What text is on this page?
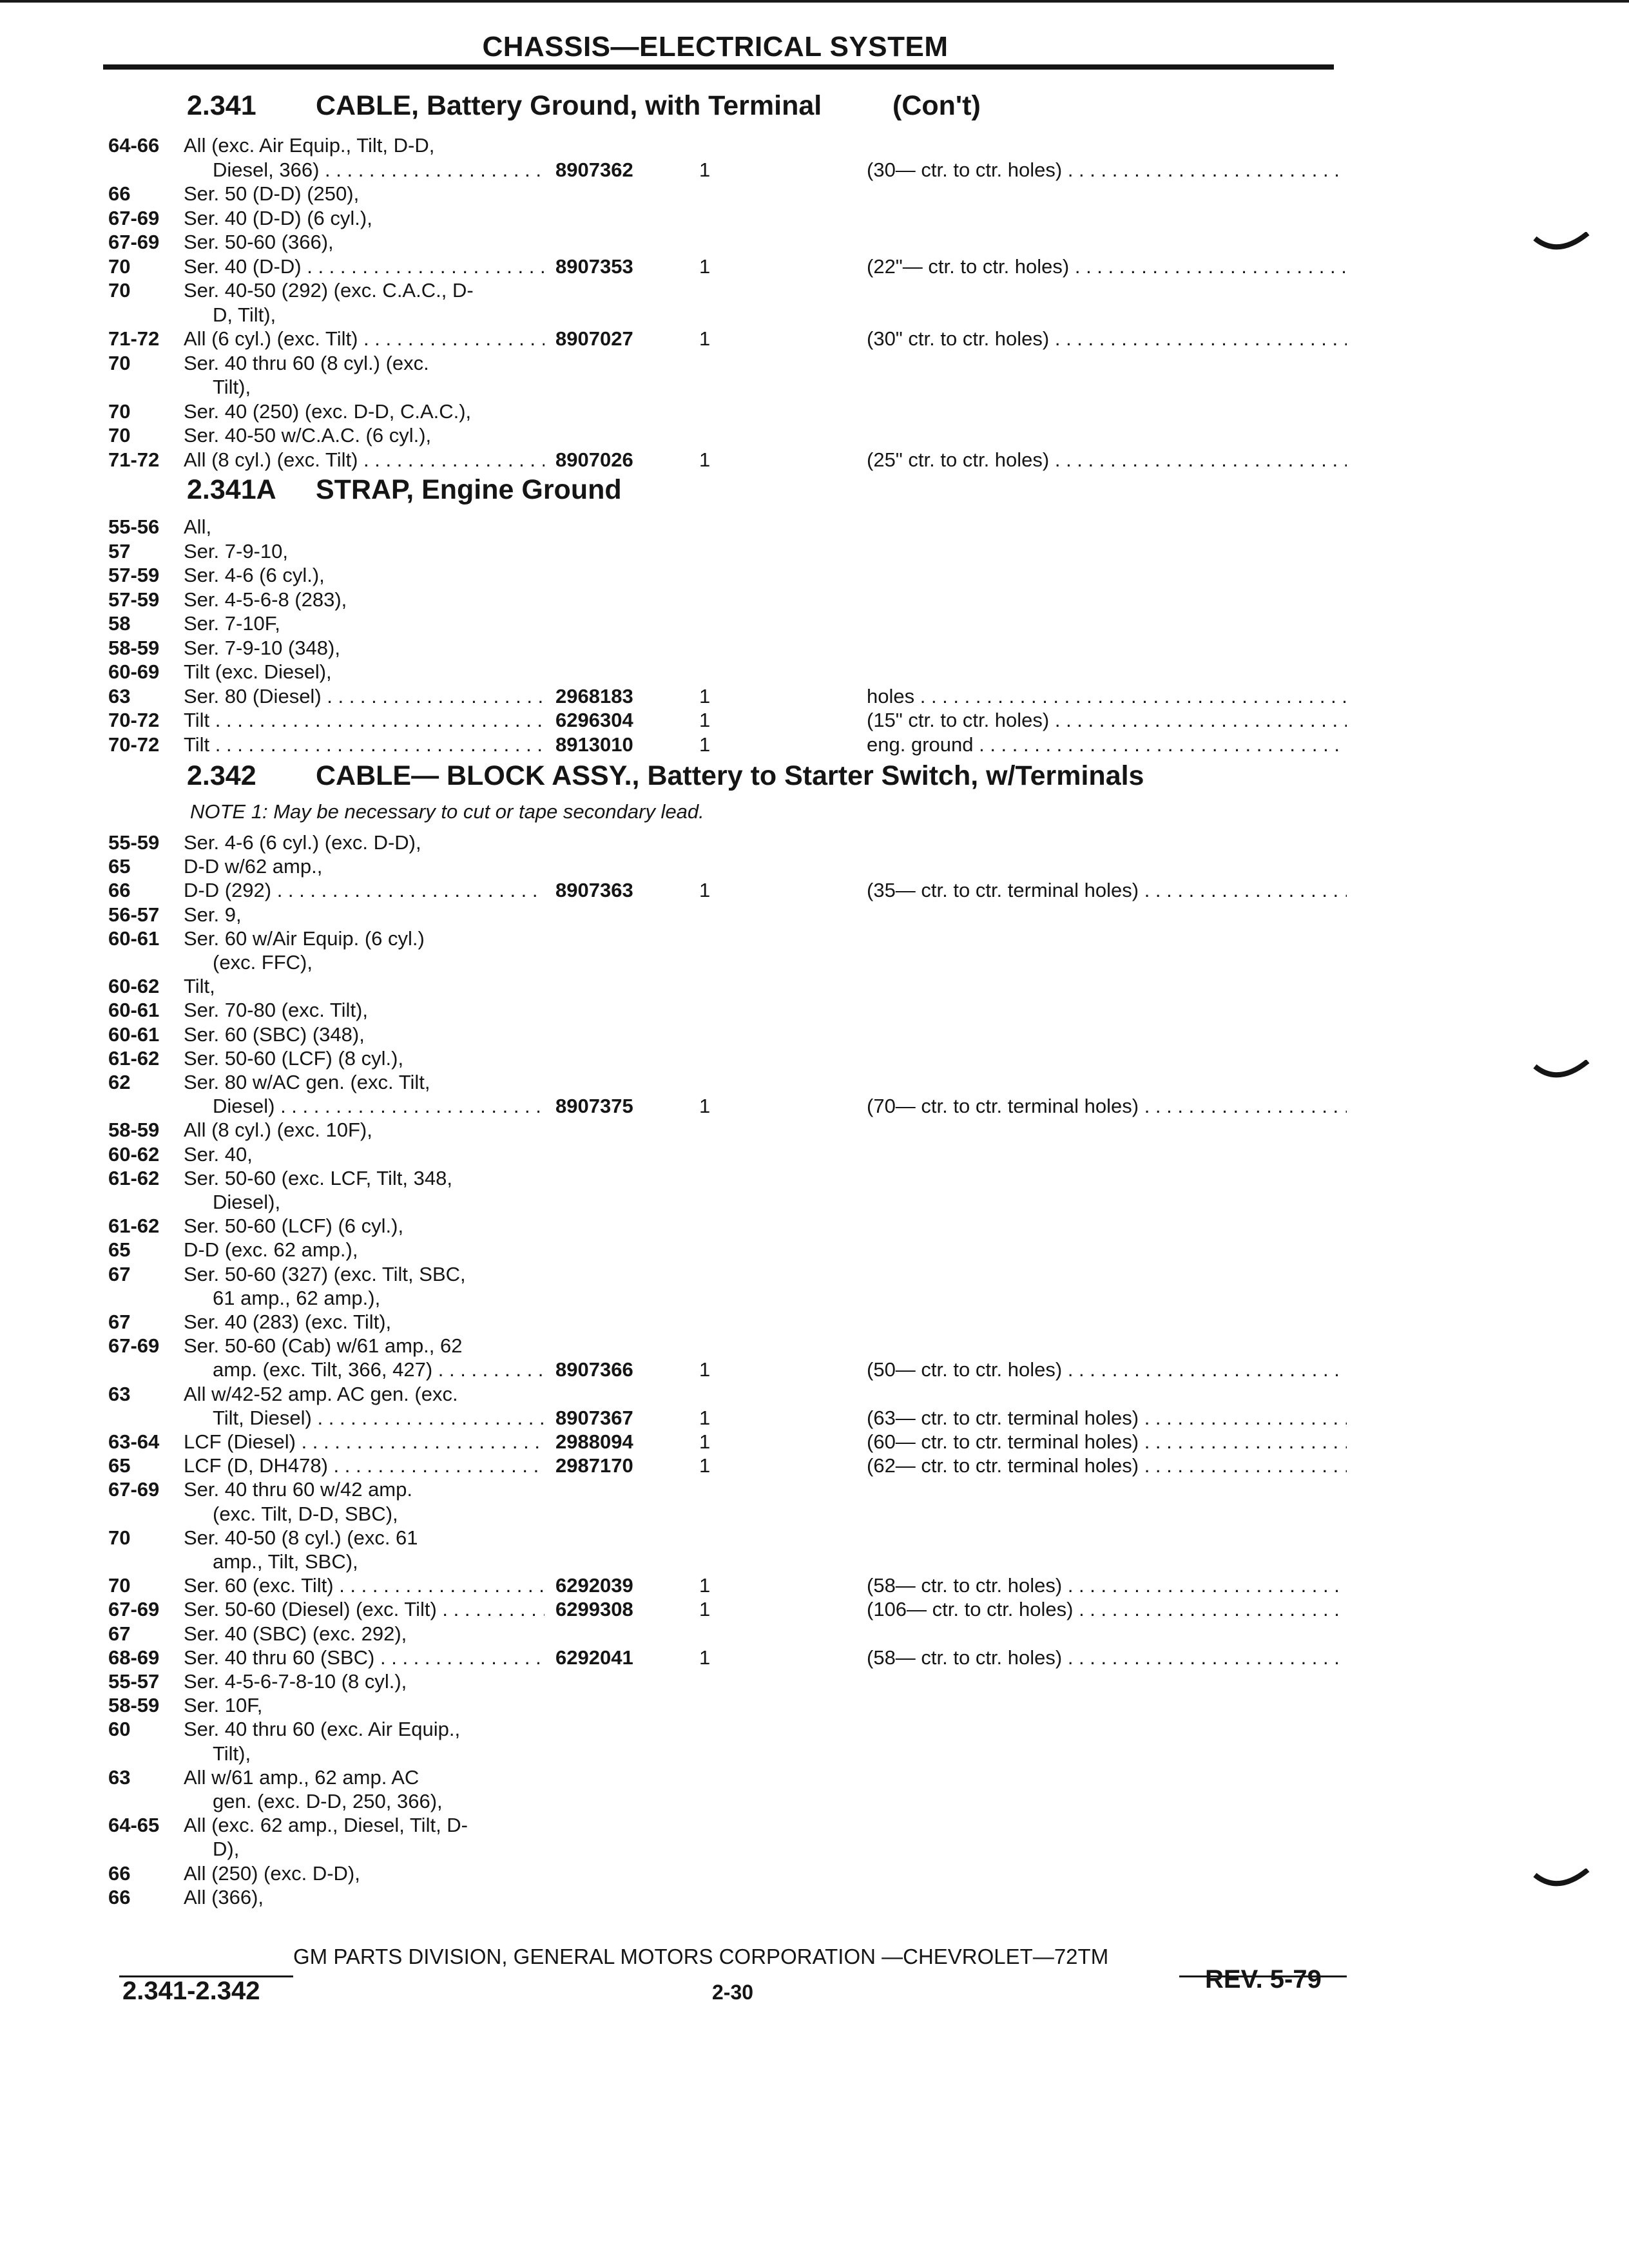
CHASSIS—ELECTRICAL SYSTEM
2.341 CABLE, Battery Ground, with Terminal	(Con't)
64-66 All (exc. Air Equip., Tilt, D-D,
Diesel, 366) . . .	8907362	1	(30— ctr. to ctr. holes) . . .
66	Ser. 50 (D-D) (250),
67-69 Ser. 40 (D-D) (6 cyl.),
67-69 Ser. 50-60 (366),
70	Ser. 40 (D-D) . . .	8907353	1	(22"— ctr. to ctr. holes) . . .
70	Ser. 40-50 (292) (exc. C.A.C., D-
D, Tilt),
71-72 All (6 cyl.) (exc. Tilt) . . .	8907027	1	(30" ctr. to ctr. holes) . . .
70	Ser. 40 thru 60 (8 cyl.) (exc.
Tilt),
70	Ser. 40 (250) (exc. D-D, C.A.C.),
70	Ser. 40-50 w/C.A.C. (6 cyl.),
71-72 All (8 cyl.) (exc. Tilt) . . .	8907026	1	(25" ctr. to ctr. holes) . . .
2.341A STRAP, Engine Ground
55-56 All,
57	Ser. 7-9-10,
57-59 Ser. 4-6 (6 cyl.),
57-59 Ser. 4-5-6-8 (283),
58	Ser. 7-10F,
58-59 Ser. 7-9-10 (348),
60-69 Tilt (exc. Diesel),
63	Ser. 80 (Diesel) . . .	2968183	1	holes . . .
70-72 Tilt . . .	6296304	1	(15" ctr. to ctr. holes) . . .
70-72 Tilt . . .	8913010	1	eng. ground . . .
2.342 CABLE— BLOCK ASSY., Battery to Starter Switch, w/Terminals
NOTE 1: May be necessary to cut or tape secondary lead.
55-59 Ser. 4-6 (6 cyl.) (exc. D-D),
65	D-D w/62 amp.,
66	D-D (292) . . .	8907363	1	(35— ctr. to ctr. terminal holes) . . .
56-57 Ser. 9,
60-61 Ser. 60 w/Air Equip. (6 cyl.)
(exc. FFC),
60-62 Tilt,
60-61 Ser. 70-80 (exc. Tilt),
60-61 Ser. 60 (SBC) (348),
61-62 Ser. 50-60 (LCF) (8 cyl.),
62	Ser. 80 w/AC gen. (exc. Tilt,
Diesel) . . .	8907375	1	(70— ctr. to ctr. terminal holes) . . .
58-59 All (8 cyl.) (exc. 10F),
60-62 Ser. 40,
61-62 Ser. 50-60 (exc. LCF, Tilt, 348,
Diesel),
61-62 Ser. 50-60 (LCF) (6 cyl.),
65	D-D (exc. 62 amp.),
67	Ser. 50-60 (327) (exc. Tilt, SBC,
61 amp., 62 amp.),
67	Ser. 40 (283) (exc. Tilt),
67-69 Ser. 50-60 (Cab) w/61 amp., 62
amp. (exc. Tilt, 366, 427) . . .	8907366	1	(50— ctr. to ctr. holes) . . .
63	All w/42-52 amp. AC gen. (exc.
Tilt, Diesel) . . .	8907367	1	(63— ctr. to ctr. terminal holes) . . .
63-64 LCF (Diesel) . . .	2988094	1	(60— ctr. to ctr. terminal holes) . . .
65	LCF (D, DH478) . . .	2987170	1	(62— ctr. to ctr. terminal holes) . . .
67-69 Ser. 40 thru 60 w/42 amp.
(exc. Tilt, D-D, SBC),
70	Ser. 40-50 (8 cyl.) (exc. 61
amp., Tilt, SBC),
70	Ser. 60 (exc. Tilt) . . .	6292039	1	(58— ctr. to ctr. holes) . . .
67-69 Ser. 50-60 (Diesel) (exc. Tilt) . . .	6299308	1	(106— ctr. to ctr. holes) . . .
67	Ser. 40 (SBC) (exc. 292),
68-69 Ser. 40 thru 60 (SBC) . . .	6292041	1	(58— ctr. to ctr. holes) . . .
55-57 Ser. 4-5-6-7-8-10 (8 cyl.),
58-59 Ser. 10F,
60	Ser. 40 thru 60 (exc. Air Equip.,
Tilt),
63	All w/61 amp., 62 amp. AC
gen. (exc. D-D, 250, 366),
64-65 All (exc. 62 amp., Diesel, Tilt, D-
D),
66	All (250) (exc. D-D),
66	All (366),
GM PARTS DIVISION, GENERAL MOTORS CORPORATION —CHEVROLET—72TM
2.341-2.342	2-30	REV. 5-79
